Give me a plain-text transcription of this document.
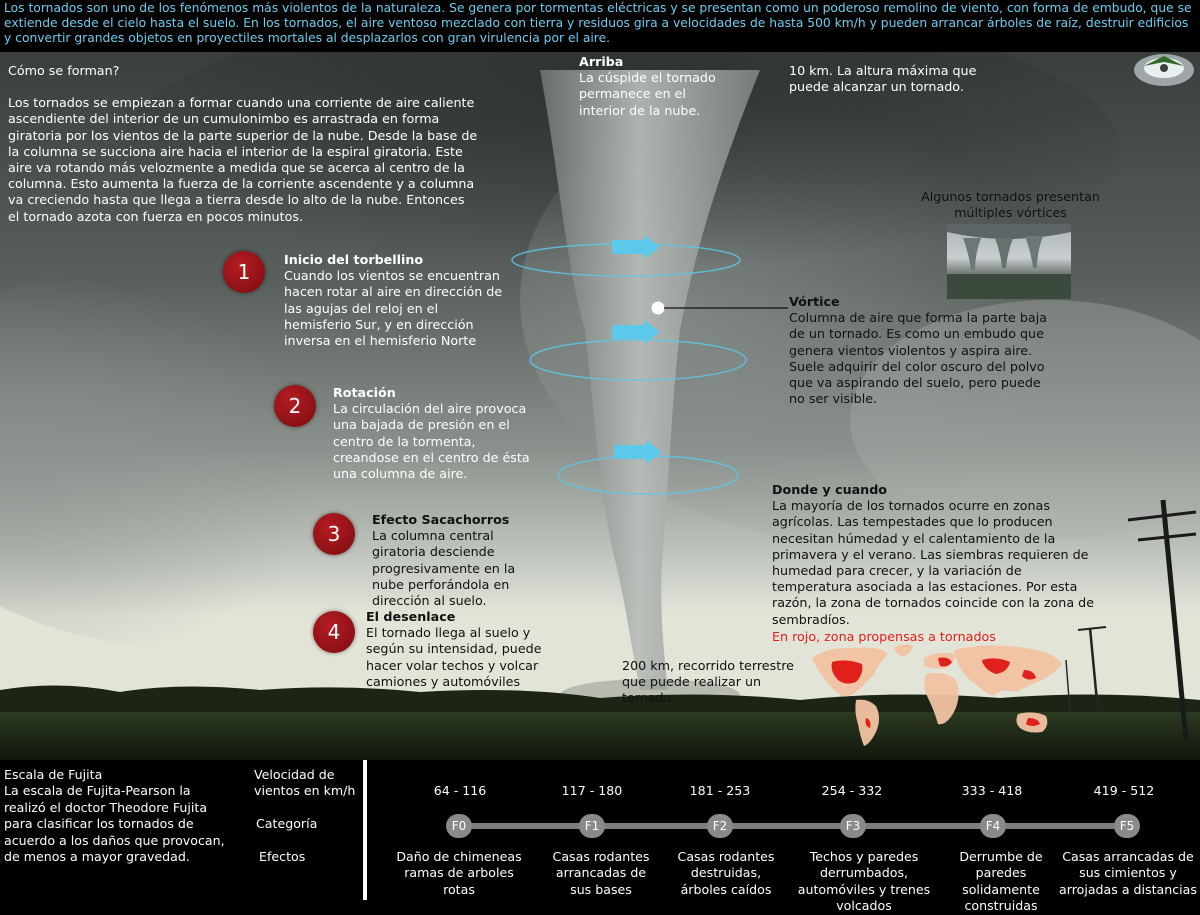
Los tornados son uno de los fenómenos más violentos de la naturaleza. Se genera por tormentas eléctricas y se presentan como un poderoso remolino de viento, con forma de embudo, que se extiende desde el cielo hasta el suelo. En los tornados, el aire ventoso mezclado con tierra y residuos gira a velocidades de hasta 500 km/h y pueden arrancar árboles de raíz, destruir edificios y convertir grandes objetos en proyectiles mortales al desplazarlos con gran virulencia por el aire.
Cómo se forman?
Los tornados se empiezan a formar cuando una corriente de aire caliente ascendiente del interior de un cumulonimbo es arrastrada en forma giratoria por los vientos de la parte superior de la nube. Desde la base de la columna se succiona aire hacia el interior de la espiral giratoria. Este aire va rotando más velozmente a medida que se acerca al centro de la columna. Esto aumenta la fuerza de la corriente ascendente y a columna va creciendo hasta que llega a tierra desde lo alto de la nube. Entonces el tornado azota con fuerza en pocos minutos.
Arriba
La cúspide el tornado permanece en el interior de la nube.
10 km. La altura máxima que puede alcanzar un tornado.
Algunos tornados presentan múltiples vórtices
1
Inicio del torbellino
Cuando los vientos se encuentran hacen rotar al aire en dirección de las agujas del reloj en el hemisferio Sur, y en dirección inversa en el hemisferio Norte
2
Rotación
La circulación del aire provoca una bajada de presión en el centro de la tormenta, creandose en el centro de ésta una columna de aire.
3
Efecto Sacachorros
La columna central giratoria desciende progresivamente en la nube perforándola en dirección al suelo.
4
El desenlace
El tornado llega al suelo y según su intensidad, puede hacer volar techos y volcar camiones y automóviles
Vórtice
Columna de aire que forma la parte baja de un tornado. Es como un embudo que genera vientos violentos y aspira aire. Suele adquirir del color oscuro del polvo que va aspirando del suelo, pero puede no ser visible.
Donde y cuando
La mayoría de los tornados ocurre en zonas agrícolas. Las tempestades que lo producen necesitan húmedad y el calentamiento de la primavera y el verano. Las siembras requieren de humedad para crecer, y la variación de temperatura asociada a las estaciones. Por esta razón, la zona de tornados coincide con la zona de sembradíos.
En rojo, zona propensas a tornados
200 km, recorrido terrestre que puede realizar un tornado.
Escala de Fujita
La escala de Fujita-Pearson la realizó el doctor Theodore Fujita para clasificar los tornados de acuerdo a los daños que provocan, de menos a mayor gravedad.
Velocidad de vientos en km/h
Categoría
Efectos
64 - 116
F0
Daño de chimeneas ramas de arboles rotas
117 - 180
F1
Casas rodantes arrancadas de sus bases
181 - 253
F2
Casas rodantes destruidas, árboles caídos
254 - 332
F3
Techos y paredes derrumbados, automóviles y trenes volcados
333 - 418
F4
Derrumbe de paredes solidamente construidas
419 - 512
F5
Casas arrancadas de sus cimientos y arrojadas a distancias
